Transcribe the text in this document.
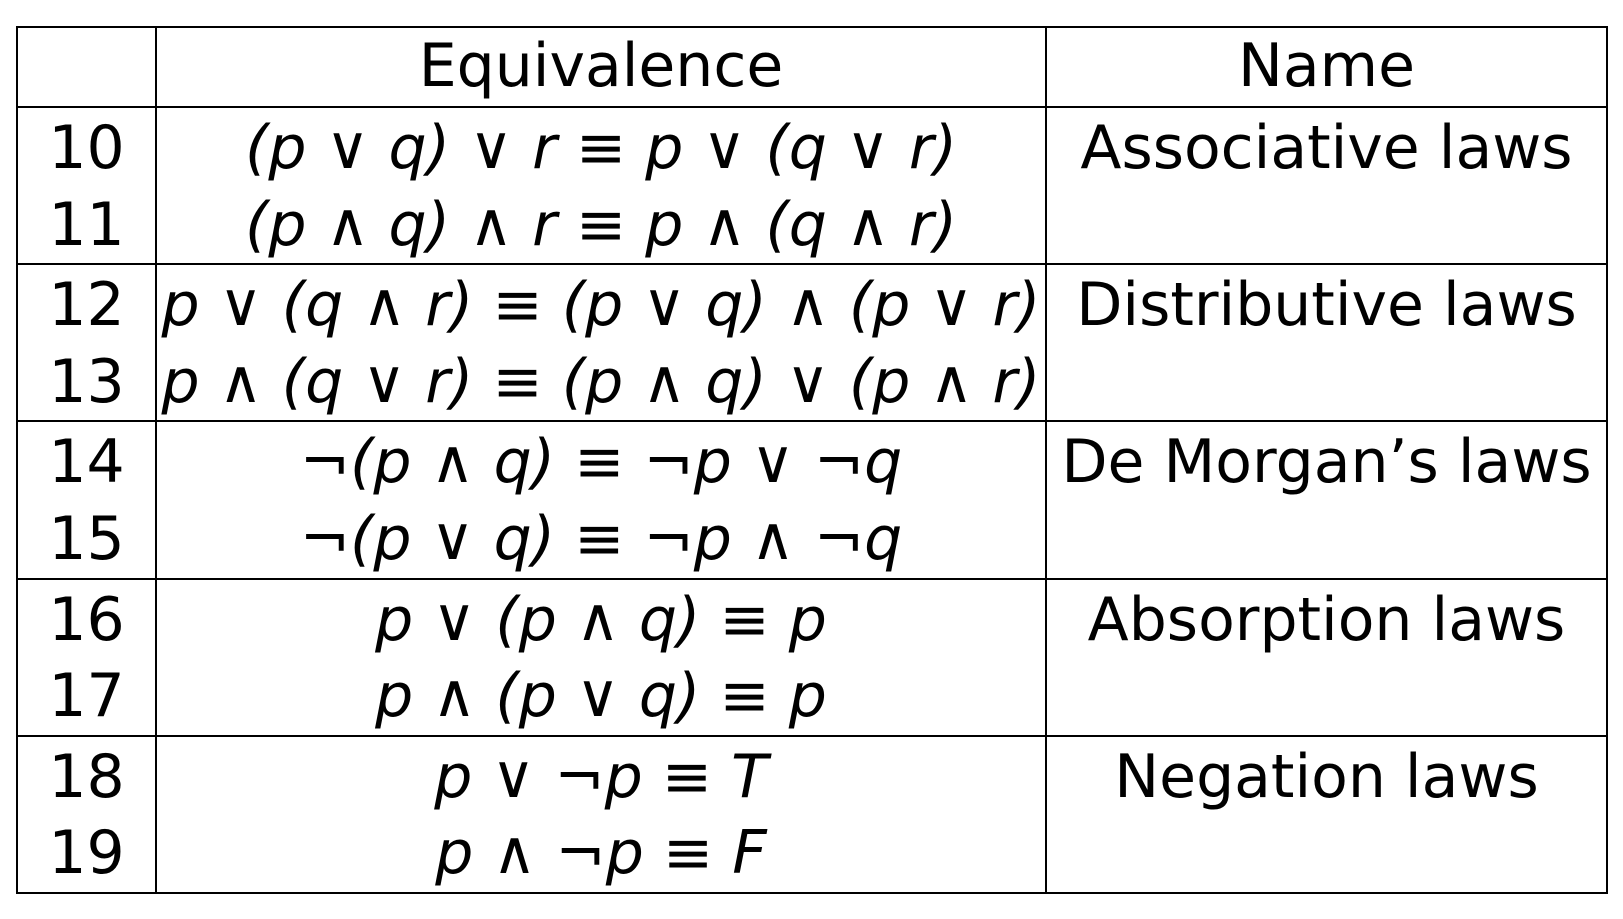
	Equivalence	Name
10	(p ∨ q) ∨ r ≡ p ∨ (q ∨ r)	Associative laws
11	(p ∧ q) ∧ r ≡ p ∧ (q ∧ r)	
12	p ∨ (q ∧ r) ≡ (p ∨ q) ∧ (p ∨ r)	Distributive laws
13	p ∧ (q ∨ r) ≡ (p ∧ q) ∨ (p ∧ r)	
14	¬(p ∧ q) ≡ ¬p ∨ ¬q	De Morgan’s laws
15	¬(p ∨ q) ≡ ¬p ∧ ¬q	
16	p ∨ (p ∧ q) ≡ p	Absorption laws
17	p ∧ (p ∨ q) ≡ p	
18	p ∨ ¬p ≡ T	Negation laws
19	p ∧ ¬p ≡ F	
